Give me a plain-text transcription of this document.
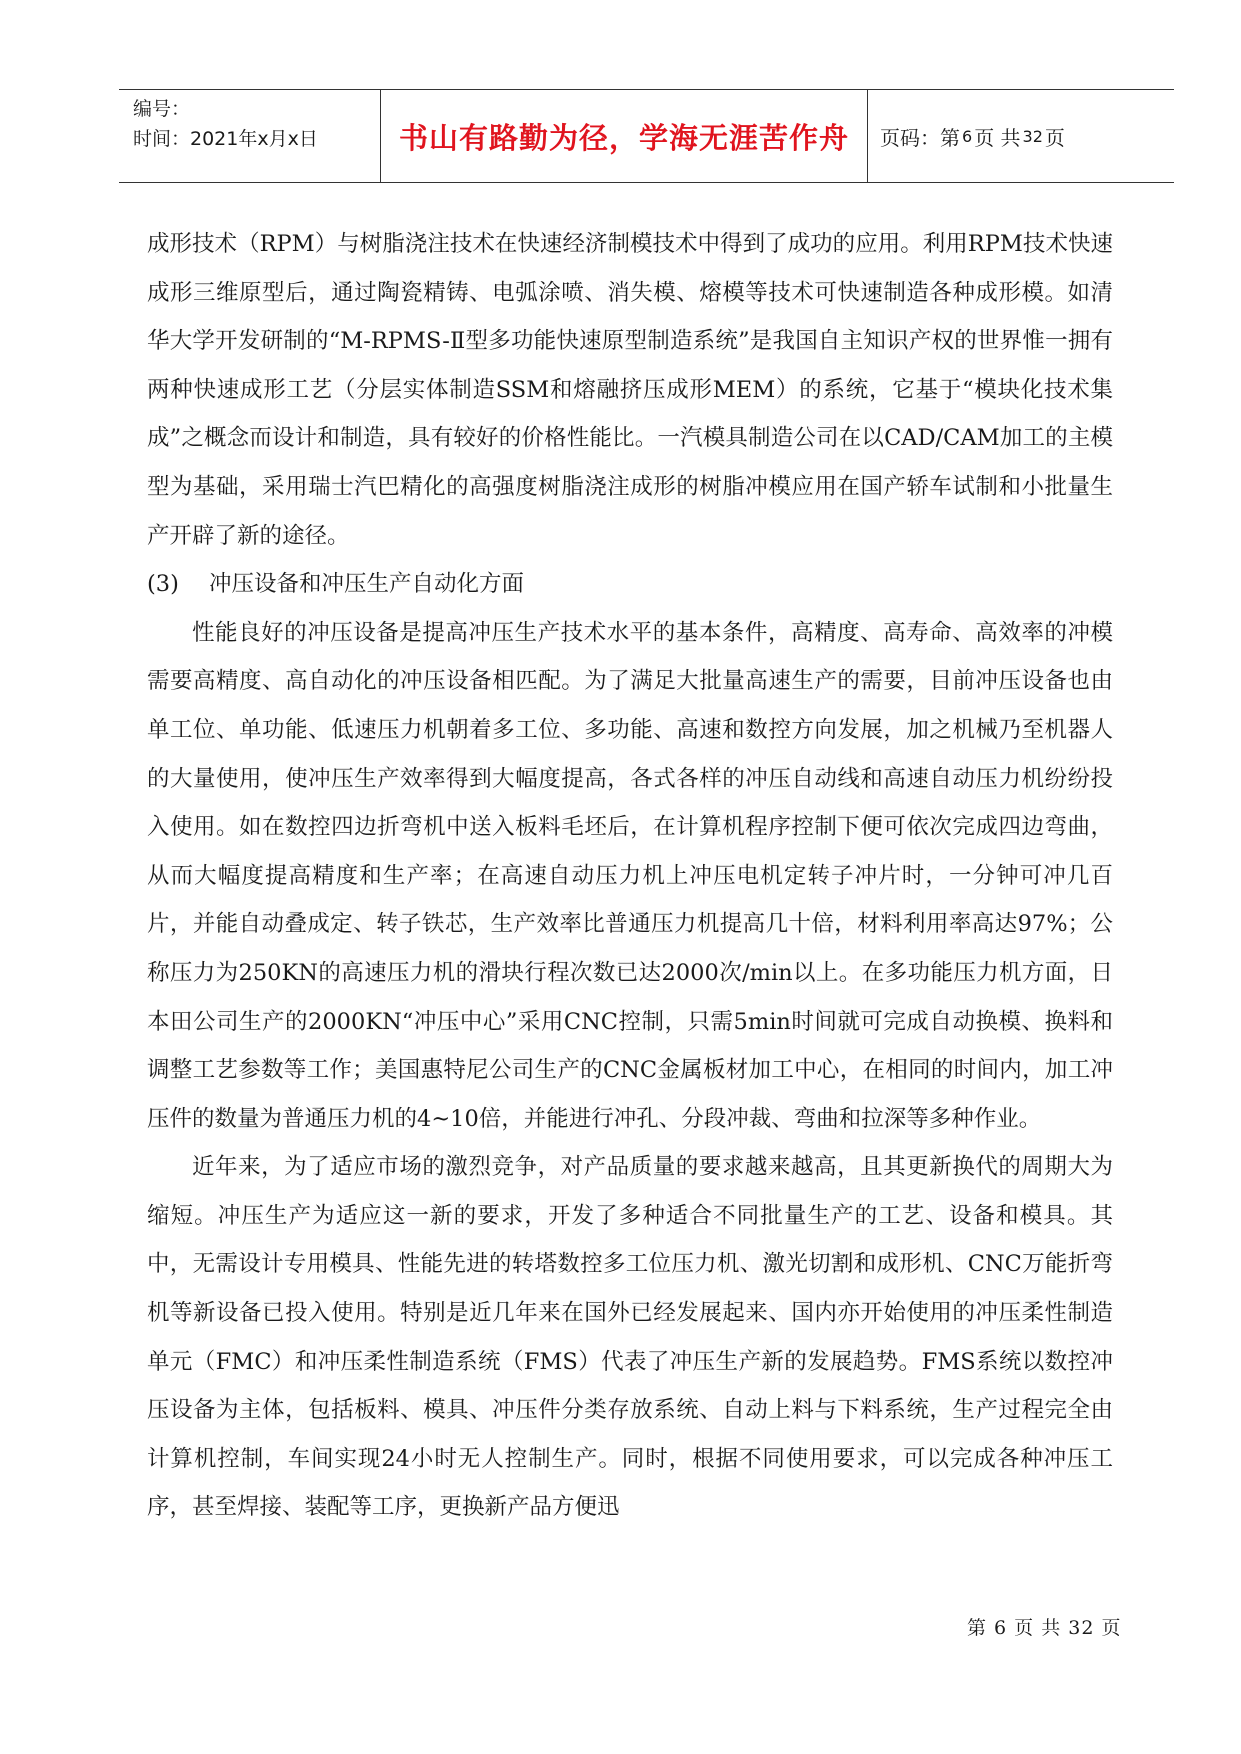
编号：
时间：2021年x月x日	书山有路勤为径，学海无涯苦作舟	页码：第 6 页 共 32 页

成形技术（RPM）与树脂浇注技术在快速经济制模技术中得到了成功的应用。利用RPM技术快速成形三维原型后，通过陶瓷精铸、电弧涂喷、消失模、熔模等技术可快速制造各种成形模。如清华大学开发研制的“M-RPMS-Ⅱ型多功能快速原型制造系统”是我国自主知识产权的世界惟一拥有两种快速成形工艺（分层实体制造SSM和熔融挤压成形MEM）的系统，它基于“模块化技术集成”之概念而设计和制造，具有较好的价格性能比。一汽模具制造公司在以CAD/CAM加工的主模型为基础，采用瑞士汽巴精化的高强度树脂浇注成形的树脂冲模应用在国产轿车试制和小批量生产开辟了新的途径。

(3) 冲压设备和冲压生产自动化方面

性能良好的冲压设备是提高冲压生产技术水平的基本条件，高精度、高寿命、高效率的冲模需要高精度、高自动化的冲压设备相匹配。为了满足大批量高速生产的需要，目前冲压设备也由单工位、单功能、低速压力机朝着多工位、多功能、高速和数控方向发展，加之机械乃至机器人的大量使用，使冲压生产效率得到大幅度提高，各式各样的冲压自动线和高速自动压力机纷纷投入使用。如在数控四边折弯机中送入板料毛坯后，在计算机程序控制下便可依次完成四边弯曲，从而大幅度提高精度和生产率；在高速自动压力机上冲压电机定转子冲片时，一分钟可冲几百片，并能自动叠成定、转子铁芯，生产效率比普通压力机提高几十倍，材料利用率高达97%；公称压力为250KN的高速压力机的滑块行程次数已达2000次/min以上。在多功能压力机方面，日本田公司生产的2000KN“冲压中心”采用CNC控制，只需5min时间就可完成自动换模、换料和调整工艺参数等工作；美国惠特尼公司生产的CNC金属板材加工中心，在相同的时间内，加工冲压件的数量为普通压力机的4~10倍，并能进行冲孔、分段冲裁、弯曲和拉深等多种作业。

近年来，为了适应市场的激烈竞争，对产品质量的要求越来越高，且其更新换代的周期大为缩短。冲压生产为适应这一新的要求，开发了多种适合不同批量生产的工艺、设备和模具。其中，无需设计专用模具、性能先进的转塔数控多工位压力机、激光切割和成形机、CNC万能折弯机等新设备已投入使用。特别是近几年来在国外已经发展起来、国内亦开始使用的冲压柔性制造单元（FMC）和冲压柔性制造系统（FMS）代表了冲压生产新的发展趋势。FMS系统以数控冲压设备为主体，包括板料、模具、冲压件分类存放系统、自动上料与下料系统，生产过程完全由计算机控制，车间实现24小时无人控制生产。同时，根据不同使用要求，可以完成各种冲压工序，甚至焊接、装配等工序，更换新产品方便迅

第 6 页 共 32 页
